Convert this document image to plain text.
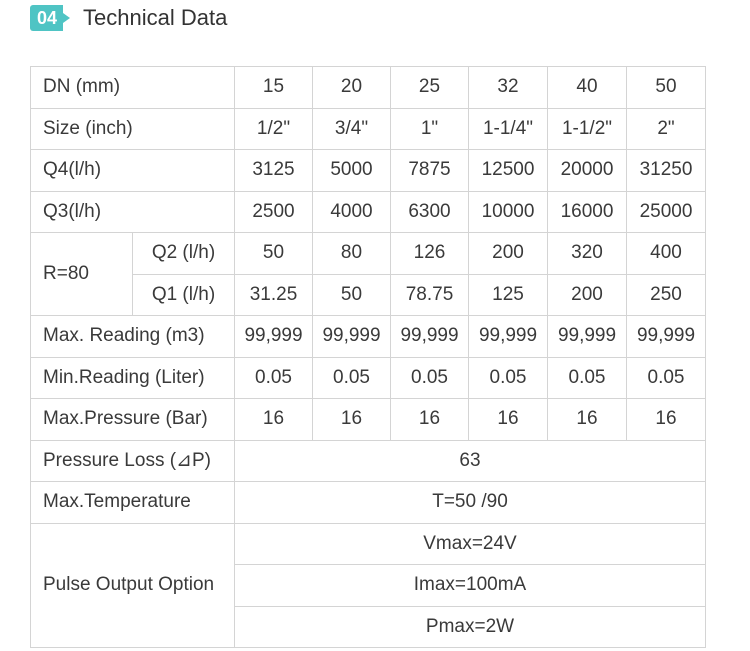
04 Technical Data
DN (mm)		15	20	25	32	40	50
Size (inch)		1/2"	3/4"	1"	1-1/4"	1-1/2"	2"
Q4(l/h)		3125	5000	7875	12500	20000	31250
Q3(l/h)		2500	4000	6300	10000	16000	25000
R=80	Q2 (l/h)	50	80	126	200	320	400
	Q1 (l/h)	31.25	50	78.75	125	200	250
Max. Reading (m3)		99,999	99,999	99,999	99,999	99,999	99,999
Min.Reading (Liter)		0.05	0.05	0.05	0.05	0.05	0.05
Max.Pressure (Bar)		16	16	16	16	16	16
Pressure Loss (⊿P)		63					
Max.Temperature		T=50 /90					
Pulse Output Option		Vmax=24V					
		Imax=100mA					
		Pmax=2W					
